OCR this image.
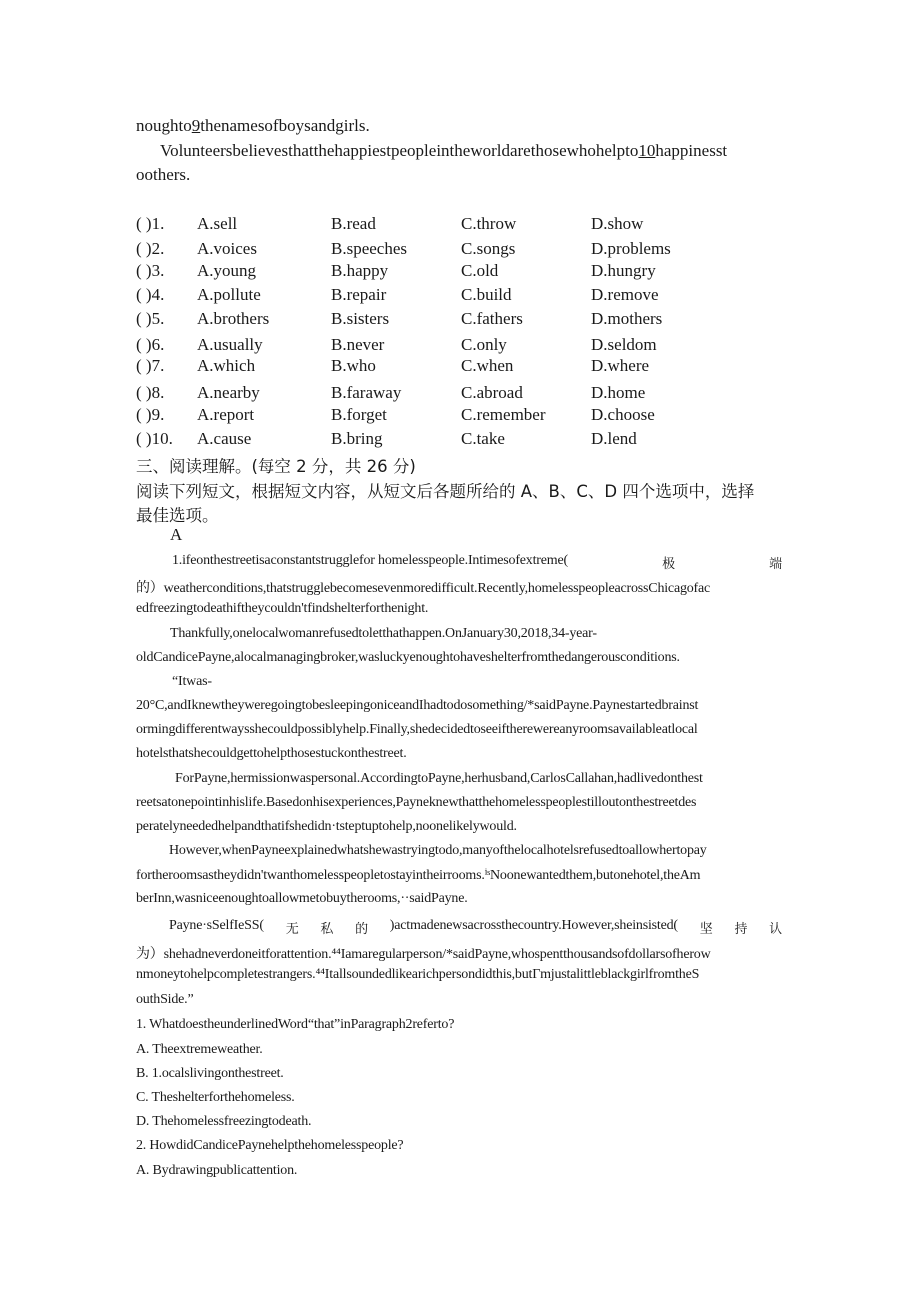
noughto9thenamesofboysandgirls.
Volunteersbelievesthatthehappiestpeopleintheworldarethosewhohelpto10happinesst
oothers.
( )1. A.sell	B.read	C.throw	D.show
( )2. A.voices	B.speeches	C.songs	D.problems
( )3. A.young	B.happy	C.old	D.hungry
( )4. A.pollute	B.repair	C.build	D.remove
( )5. A.brothers	B.sisters	C.fathers	D.mothers
( )6. A.usually	B.never	C.only	D.seldom
( )7. A.which	B.who	C.when	D.where
( )8. A.nearby	B.faraway	C.abroad	D.home
( )9. A.report	B.forget	C.remember	D.choose
( )10. A.cause	B.bring	C.take	D.lend
三、阅读理解。(每空 2 分，共 26 分)
阅读下列短文，根据短文内容，从短文后各题所给的 A、B、C、D 四个选项中，选择
最佳选项。
A
1.ifeonthestreetisaconstantstrugglefor homelesspeople.Intimesofextreme(	极	端
的）weatherconditions,thatstrugglebecomesevenmoredifficult.Recently,homelesspeopleacrossChicagofac
edfreezingtodeathiftheycouldn'tfindshelterforthenight.
Thankfully,onelocalwomanrefusedtoletthathappen.OnJanuary30,2018,34-year-
oldCandicePayne,alocalmanagingbroker,wasluckyenoughtohaveshelterfromthedangerousconditions.
“Itwas-
20°C,andIknewtheyweregoingtobesleepingoniceandIhadtodosomething/*saidPayne.Paynestartedbrainst
ormingdifferentwaysshecouldpossiblyhelp.Finally,shedecidedtoseeiftherewereanyroomsavailableatlocal
hotelsthatshecouldgettohelpthosestuckonthestreet.
ForPayne,hermissionwaspersonal.AccordingtoPayne,herhusband,CarlosCallahan,hadlivedonthest
reetsatonepointinhislife.Basedonhisexperiences,Payneknewthatthehomelesspeoplestilloutonthestreetdes
peratelyneededhelpandthatifshedidn·tsteptuptohelp,noonelikelywould.
However,whenPayneexplainedwhatshewastryingtodo,manyofthelocalhotelsrefusedtoallowhertopay
fortheroomsastheydidn'twanthomelesspeopletostayintheirrooms.ⁱˢNoonewantedthem,butonehotel,theAm
berInn,wasniceenoughtoallowmetobuytherooms,··saidPayne.
Payne·sSelfIeSS( 无 私 的 )actmadenewsacrossthecountry.However,sheinsisted( 坚 持 认
为）shehadneverdoneitforattention.⁴⁴Iamaregularperson/*saidPayne,whospentthousandsofdollarsofherow
nmoneytohelpcompletestrangers.⁴⁴Itallsoundedlikearichpersondidthis,butΓmjustalittleblackgirlfromtheS
outhSide.”
1. WhatdoestheunderlinedWord“that”inParagraph2referto?
A. Theextremeweather.
B. 1.ocalslivingonthestreet.
C. Theshelterforthehomeless.
D. Thehomelessfreezingtodeath.
2. HowdidCandicePaynehelpthehomelesspeople?
A. Bydrawingpublicattention.
